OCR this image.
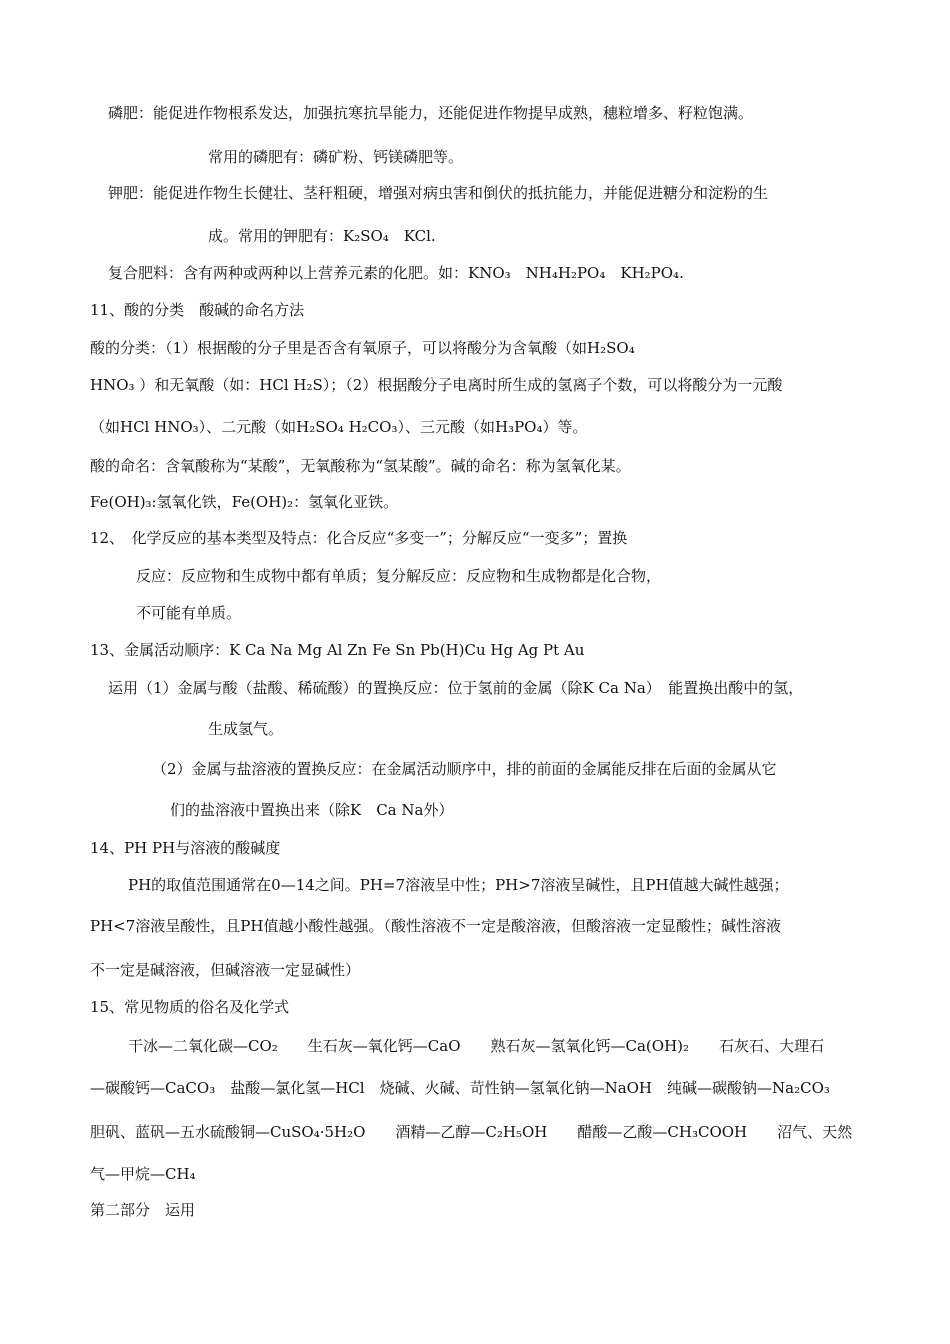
磷肥：能促进作物根系发达，加强抗寒抗旱能力，还能促进作物提早成熟，穗粒增多、籽粒饱满。
常用的磷肥有：磷矿粉、钙镁磷肥等。
钾肥：能促进作物生长健壮、茎秆粗硬，增强对病虫害和倒伏的抵抗能力，并能促进糖分和淀粉的生
成。常用的钾肥有：K₂SO₄　KCl.
复合肥料：含有两种或两种以上营养元素的化肥。如：KNO₃　NH₄H₂PO₄　KH₂PO₄.
11、酸的分类　酸碱的命名方法
酸的分类：（1）根据酸的分子里是否含有氧原子，可以将酸分为含氧酸（如H₂SO₄
HNO₃ ）和无氧酸（如：HCl H₂S）；（2）根据酸分子电离时所生成的氢离子个数，可以将酸分为一元酸
（如HCl HNO₃）、二元酸（如H₂SO₄ H₂CO₃）、三元酸（如H₃PO₄）等。
酸的命名：含氧酸称为“某酸”，无氧酸称为“氢某酸”。碱的命名：称为氢氧化某。
Fe(OH)₃:氢氧化铁，Fe(OH)₂：氢氧化亚铁。
12、　化学反应的基本类型及特点：化合反应“多变一”；分解反应“一变多”；置换
反应：反应物和生成物中都有单质；复分解反应：反应物和生成物都是化合物，
不可能有单质。
13、金属活动顺序：K Ca Na Mg Al Zn Fe Sn Pb(H)Cu Hg Ag Pt Au
运用（1）金属与酸（盐酸、稀硫酸）的置换反应：位于氢前的金属（除K Ca Na）　能置换出酸中的氢，
生成氢气。
（2）金属与盐溶液的置换反应：在金属活动顺序中，排的前面的金属能反排在后面的金属从它
们的盐溶液中置换出来（除K　Ca Na外）
14、PH PH与溶液的酸碱度
PH的取值范围通常在0—14之间。PH=7溶液呈中性；PH>7溶液呈碱性，且PH值越大碱性越强；
PH<7溶液呈酸性，且PH值越小酸性越强。（酸性溶液不一定是酸溶液，但酸溶液一定显酸性；碱性溶液
不一定是碱溶液，但碱溶液一定显碱性）
15、常见物质的俗名及化学式
干冰—二氧化碳—CO₂　　生石灰—氧化钙—CaO　　熟石灰—氢氧化钙—Ca(OH)₂　　石灰石、大理石
—碳酸钙—CaCO₃　盐酸—氯化氢—HCl　烧碱、火碱、苛性钠—氢氧化钠—NaOH　纯碱—碳酸钠—Na₂CO₃
胆矾、蓝矾—五水硫酸铜—CuSO₄·5H₂O　　酒精—乙醇—C₂H₅OH　　醋酸—乙酸—CH₃COOH　　沼气、天然
气—甲烷—CH₄
第二部分　运用
